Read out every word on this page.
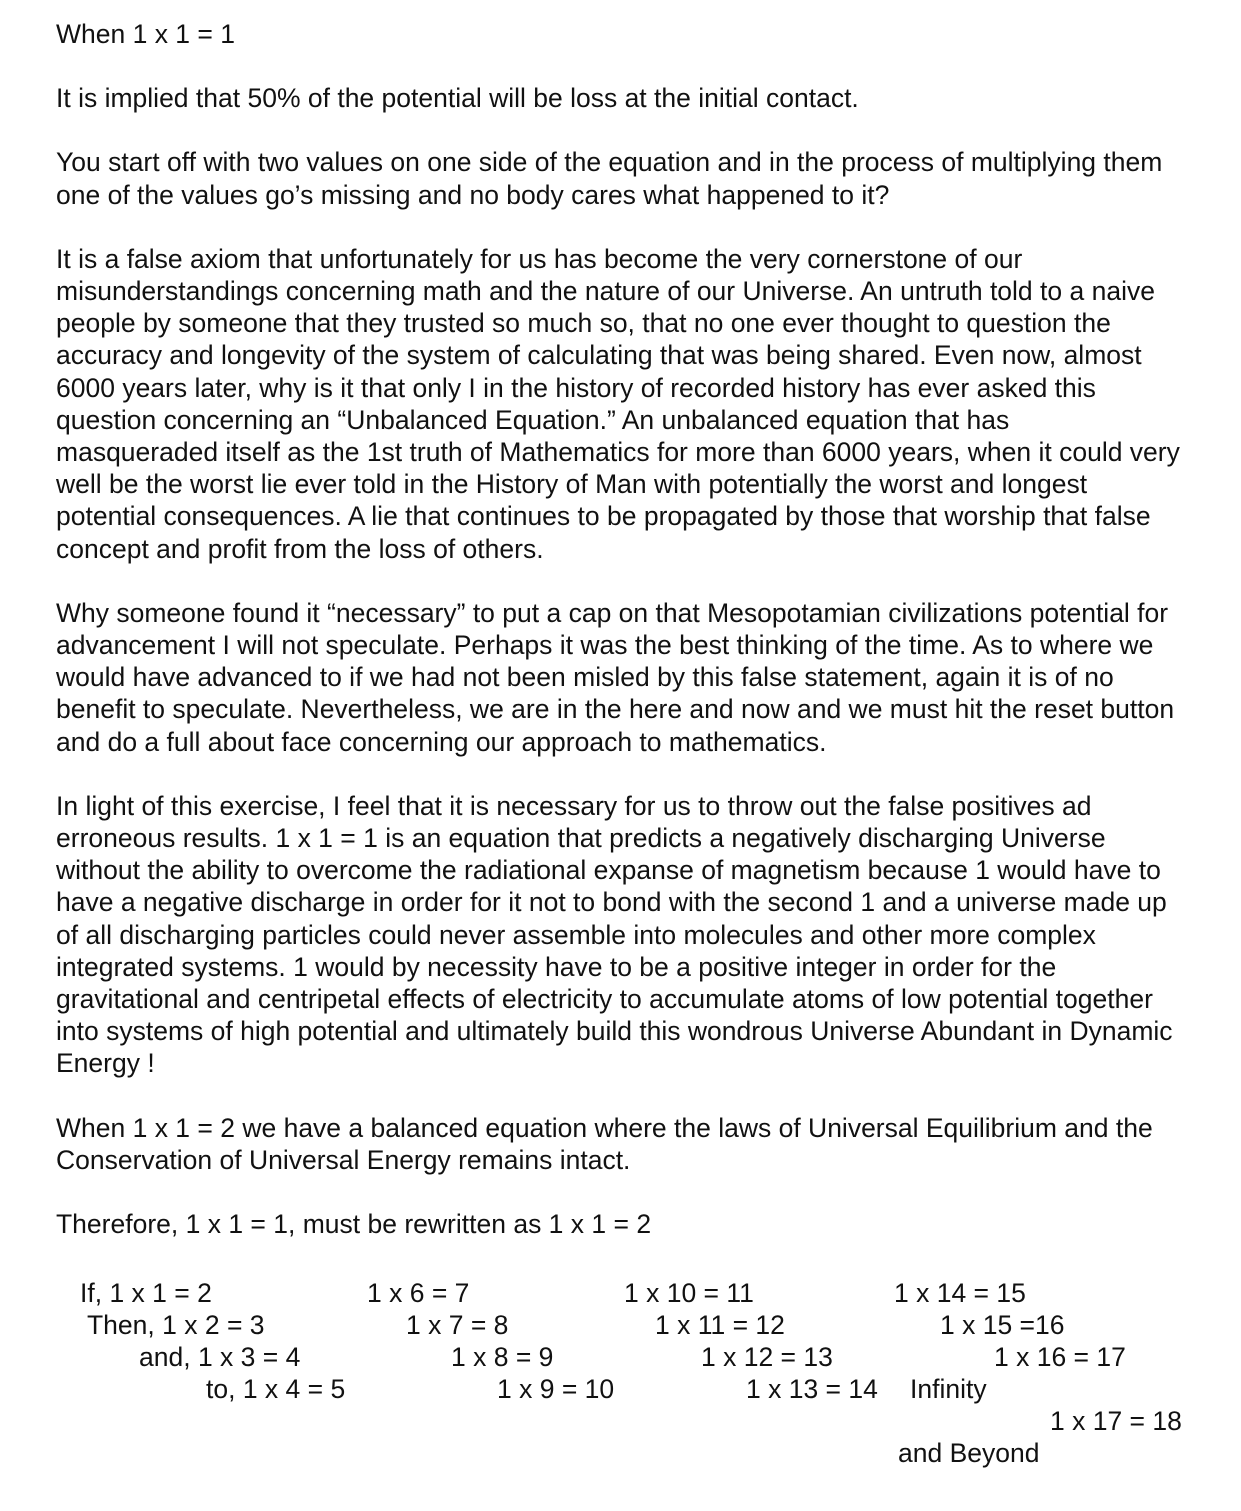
When 1 x 1 = 1

It is implied that 50% of the potential will be loss at the initial contact.

You start off with two values on one side of the equation and in the process of multiplying them
one of the values go’s missing and no body cares what happened to it?

It is a false axiom that unfortunately for us has become the very cornerstone of our
misunderstandings concerning math and the nature of our Universe. An untruth told to a naive
people by someone that they trusted so much so, that no one ever thought to question the
accuracy and longevity of the system of calculating that was being shared. Even now, almost
6000 years later, why is it that only I in the history of recorded history has ever asked this
question concerning an “Unbalanced Equation.” An unbalanced equation that has
masqueraded itself as the 1st truth of Mathematics for more than 6000 years, when it could very
well be the worst lie ever told in the History of Man with potentially the worst and longest
potential consequences. A lie that continues to be propagated by those that worship that false
concept and profit from the loss of others.

Why someone found it “necessary” to put a cap on that Mesopotamian civilizations potential for
advancement I will not speculate. Perhaps it was the best thinking of the time. As to where we
would have advanced to if we had not been misled by this false statement, again it is of no
benefit to speculate. Nevertheless, we are in the here and now and we must hit the reset button
and do a full about face concerning our approach to mathematics.

In light of this exercise, I feel that it is necessary for us to throw out the false positives ad
erroneous results. 1 x 1 = 1 is an equation that predicts a negatively discharging Universe
without the ability to overcome the radiational expanse of magnetism because 1 would have to
have a negative discharge in order for it not to bond with the second 1 and a universe made up
of all discharging particles could never assemble into molecules and other more complex
integrated systems. 1 would by necessity have to be a positive integer in order for the
gravitational and centripetal effects of electricity to accumulate atoms of low potential together
into systems of high potential and ultimately build this wondrous Universe Abundant in Dynamic
Energy !

When 1 x 1 = 2 we have a balanced equation where the laws of Universal Equilibrium and the
Conservation of Universal Energy remains intact.

Therefore, 1 x 1 = 1, must be rewritten as 1 x 1 = 2

If, 1 x 1 = 2
Then, 1 x 2 = 3
and, 1 x 3 = 4
to, 1 x 4 = 5
1 x 6 = 7
1 x 7 = 8
1 x 8 = 9
1 x 9 = 10
1 x 10 = 11
1 x 11 = 12
1 x 12 = 13
1 x 13 = 14
1 x 14 = 15
1 x 15 =16
1 x 16 = 17
Infinity
1 x 17 = 18
and Beyond
